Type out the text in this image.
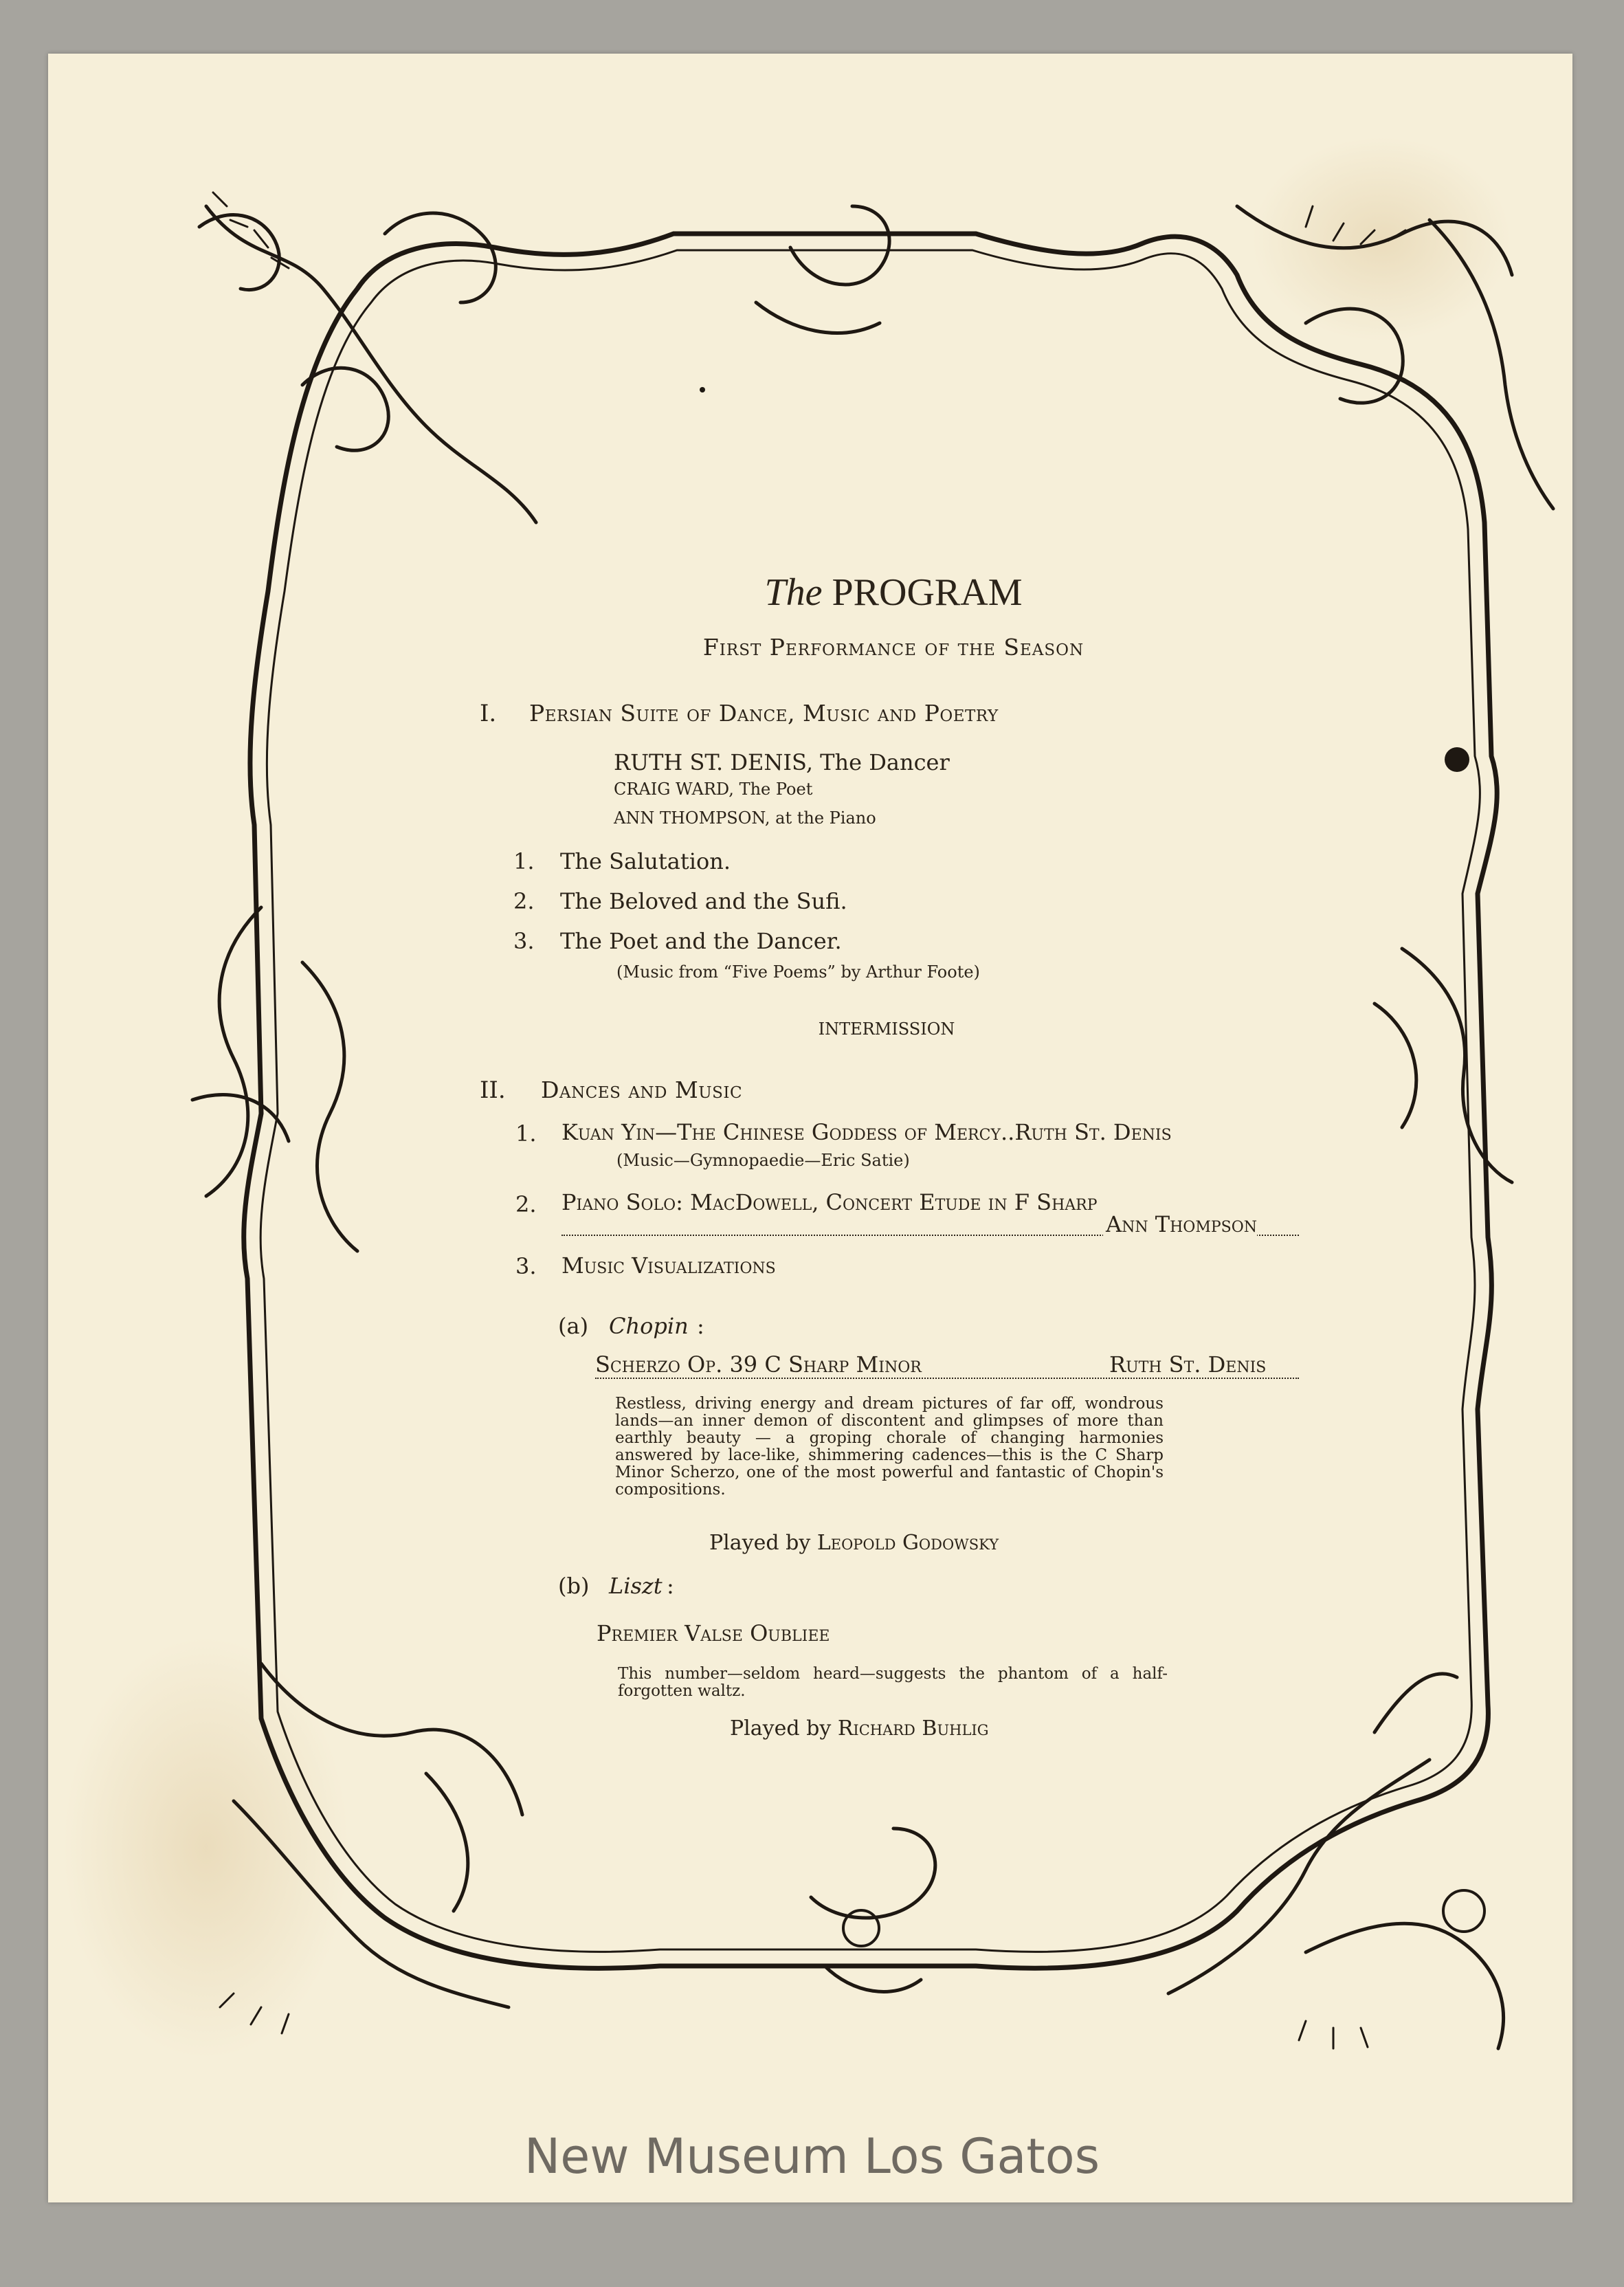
The PROGRAM
First Performance of the Season
I. Persian Suite of Dance, Music and Poetry
RUTH ST. DENIS, The Dancer
CRAIG WARD, The Poet
ANN THOMPSON, at the Piano
1. The Salutation.
2. The Beloved and the Sufi.
3. The Poet and the Dancer.
(Music from “Five Poems” by Arthur Foote)
INTERMISSION
II. Dances and Music
1. Kuan Yin—The Chinese Goddess of Mercy..Ruth St. Denis
(Music—Gymnopaedie—Eric Satie)
2. Piano Solo: MacDowell, Concert Etude in F Sharp
Ann Thompson
3. Music Visualizations
(a) Chopin :
Scherzo Op. 39 C Sharp Minor	Ruth St. Denis
Restless, driving energy and dream pictures of far off, wondrous lands—an inner demon of discontent and glimpses of more than earthly beauty — a groping chorale of changing harmonies answered by lace-like, shimmering cadences—this is the C Sharp Minor Scherzo, one of the most powerful and fantastic of Chopin's compositions.
Played by Leopold Godowsky
(b) Liszt :
Premier Valse Oubliee
This number—seldom heard—suggests the phantom of a half-forgotten waltz.
Played by Richard Buhlig
New Museum Los Gatos
